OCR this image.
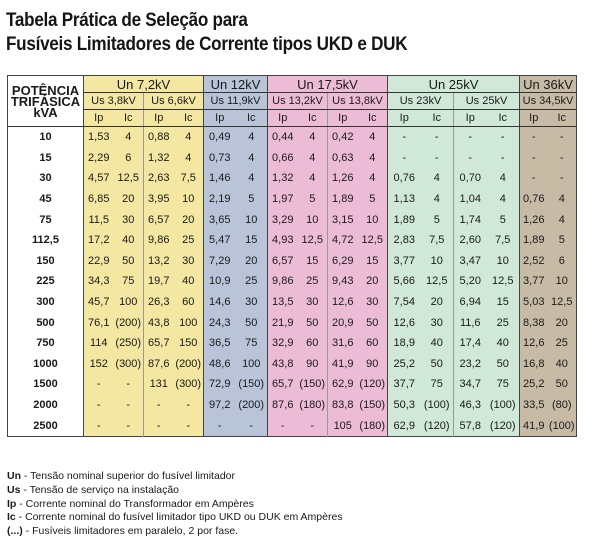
Tabela Prática de Seleção para
Fusíveis Limitadores de Corrente tipos UKD e DUK
POTÊNCIA
TRIFÁSICA
kVA	Un 7,2kV				Un 12kV		Un 17,5kV				Un 25kV				Un 36kV	
	Us 3,8kV		Us 6,6kV		Us 11,9kV		Us 13,2kV		Us 13,8kV		Us 23kV		Us 25kV		Us 34,5kV	
	Ip	Ic	Ip	Ic	Ip	Ic	Ip	Ic	Ip	Ic	Ip	Ic	Ip	Ic	Ip	Ic
10	1,53	4	0,88	4	0,49	4	0,44	4	0,42	4	-	-	-	-	-	-
15	2,29	6	1,32	4	0,73	4	0,66	4	0,63	4	-	-	-	-	-	-
30	4,57	12,5	2,63	7,5	1,46	4	1,32	4	1,26	4	0,76	4	0,70	4	-	-
45	6,85	20	3,95	10	2,19	5	1,97	5	1,89	5	1,13	4	1,04	4	0,76	4
75	11,5	30	6,57	20	3,65	10	3,29	10	3,15	10	1,89	5	1,74	5	1,26	4
112,5	17,2	40	9,86	25	5,47	15	4,93	12,5	4,72	12,5	2,83	7,5	2,60	7,5	1,89	5
150	22,9	50	13,2	30	7,29	20	6,57	15	6,29	15	3,77	10	3,47	10	2,52	6
225	34,3	75	19,7	40	10,9	25	9,86	25	9,43	20	5,66	12,5	5,20	12,5	3,77	10
300	45,7	100	26,3	60	14,6	30	13,5	30	12,6	30	7,54	20	6,94	15	5,03	12,5
500	76,1	(200)	43,8	100	24,3	50	21,9	50	20,9	50	12,6	30	11,6	25	8,38	20
750	114	(250)	65,7	150	36,5	75	32,9	60	31,6	60	18,9	40	17,4	40	12,6	25
1000	152	(300)	87,6	(200)	48,6	100	43,8	90	41,9	90	25,2	50	23,2	50	16,8	40
1500	-	-	131	(300)	72,9	(150)	65,7	(150)	62,9	(120)	37,7	75	34,7	75	25,2	50
2000	-	-	-	-	97,2	(200)	87,6	(180)	83,8	(150)	50,3	(100)	46,3	(100)	33,5	(80)
2500	-	-	-	-	-	-	-	-	105	(180)	62,9	(120)	57,8	(120)	41,9	(100)
Un - Tensão nominal superior do fusível limitador
Us - Tensão de serviço na instalação
Ip - Corrente nominal do Transformador em Ampères
Ic - Corrente nominal do fusível limitador tipo UKD ou DUK em Ampères
(...) - Fusíveis limitadores em paralelo, 2 por fase.
